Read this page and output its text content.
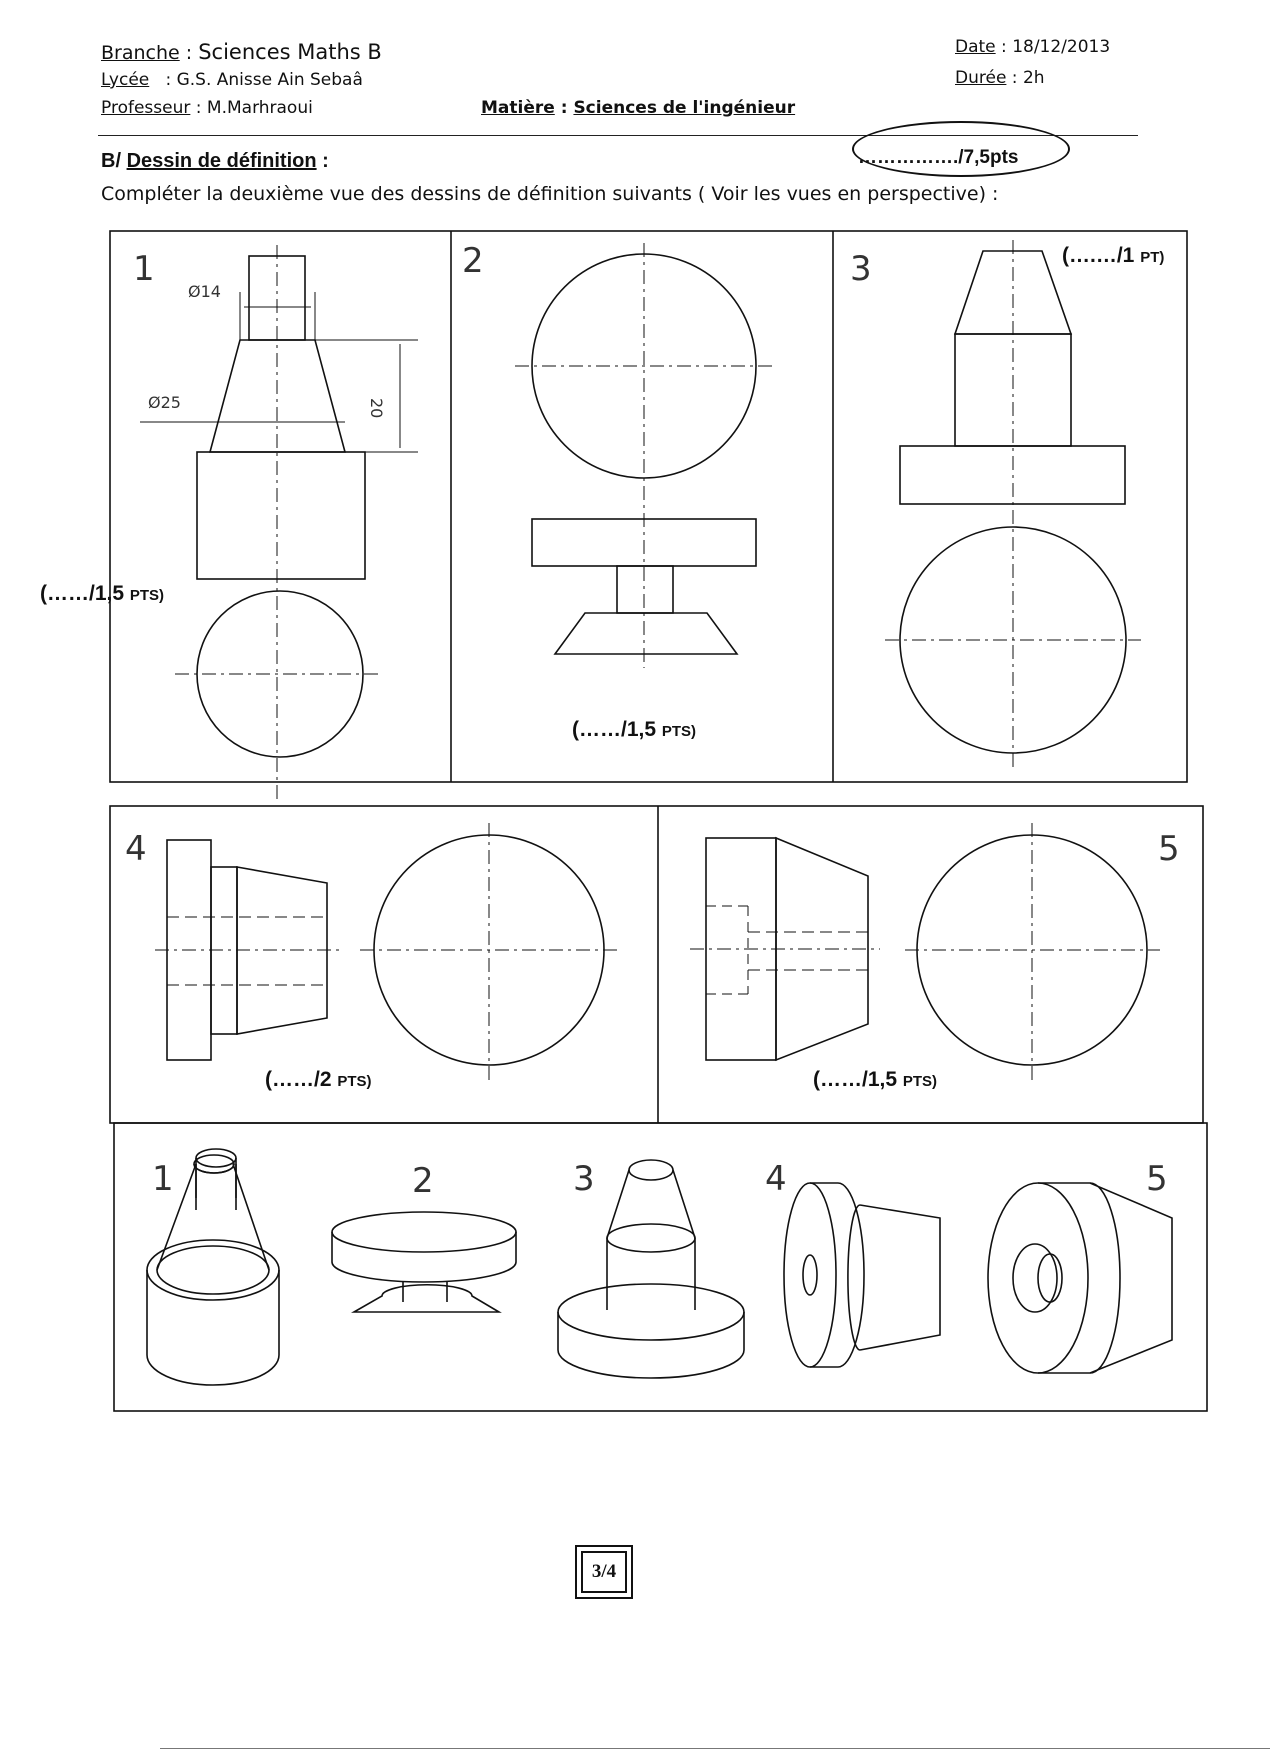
Branche : Sciences Maths B
Lycée   : G.S. Anisse Ain Sebaâ
Professeur : M.Marhraoui	Matière : Sciences de l'ingénieur
Date : 18/12/2013
Durée : 2h
B/ Dessin de définition :	……………./7,5pts
Compléter la deuxième vue des dessins de définition suivants ( Voir les vues en perspective) :
1
Ø14
Ø25	20
2	3
4	5
1	2	3	4	5
(……/1,5 PTS)
(……/1,5 PTS)
(….…/1 PT)
(……/2 PTS)	(……/1,5 PTS)
3/4
